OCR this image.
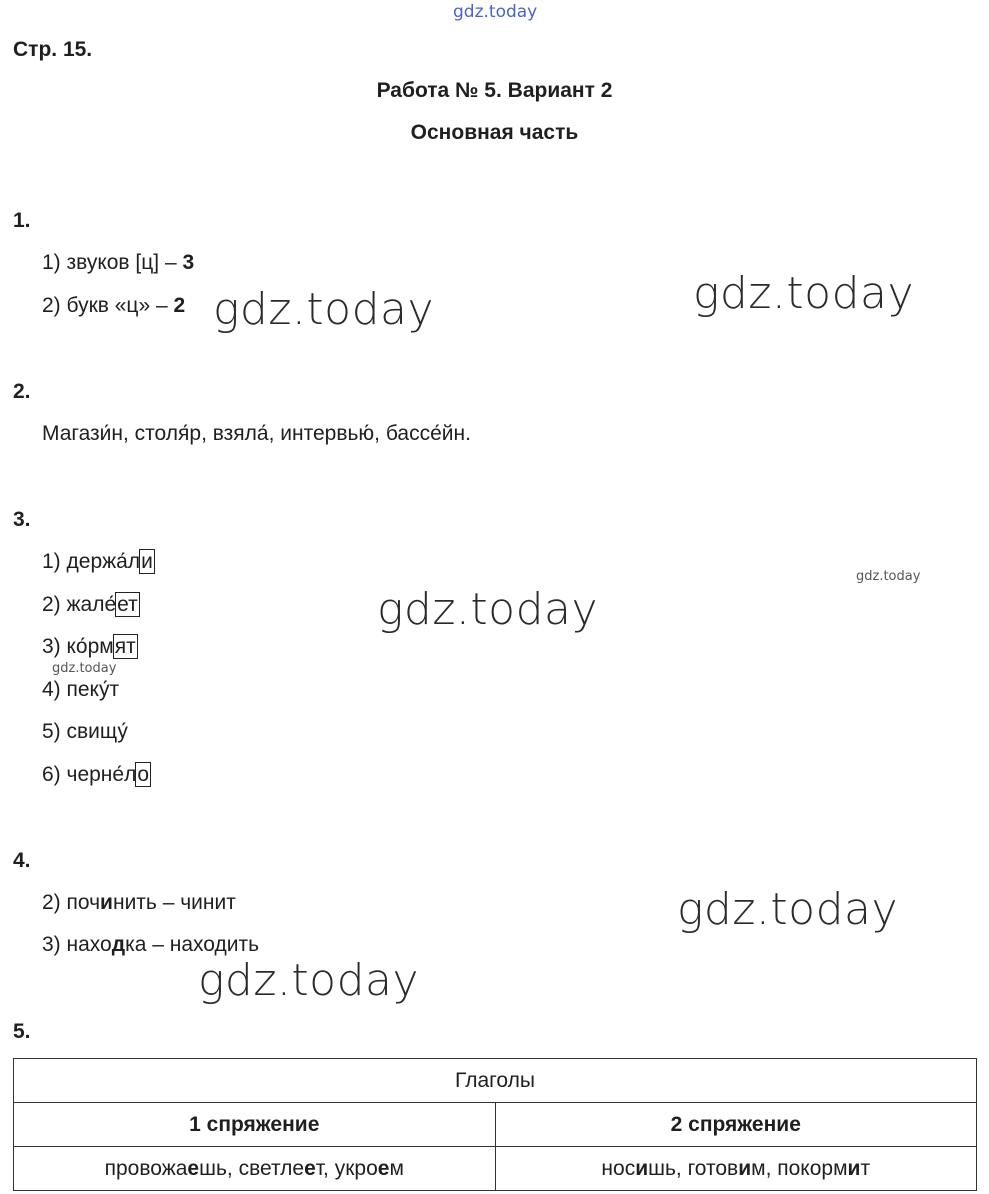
gdz.today
gdz.today	gdz.today
gdz.today
gdz.today
gdz.today
gdz.today
gdz.today
Стр. 15.
Работа № 5. Вариант 2
Основная часть
1.
1) звуков [ц] – 3
2) букв «ц» – 2
2.
Магази́н, столя́р, взяла́, интервью́, бассе́йн.
3.
1) держа́ли
2) жале́ет
3) ко́рмят
4) пеку́т
5) свищу́
6) черне́ло
4.
2) починить – чинит
3) находка – находить
5.
Глаголы	
1 спряжение	2 спряжение
провожаешь, светлеет, укроем	носишь, готовим, покормит
